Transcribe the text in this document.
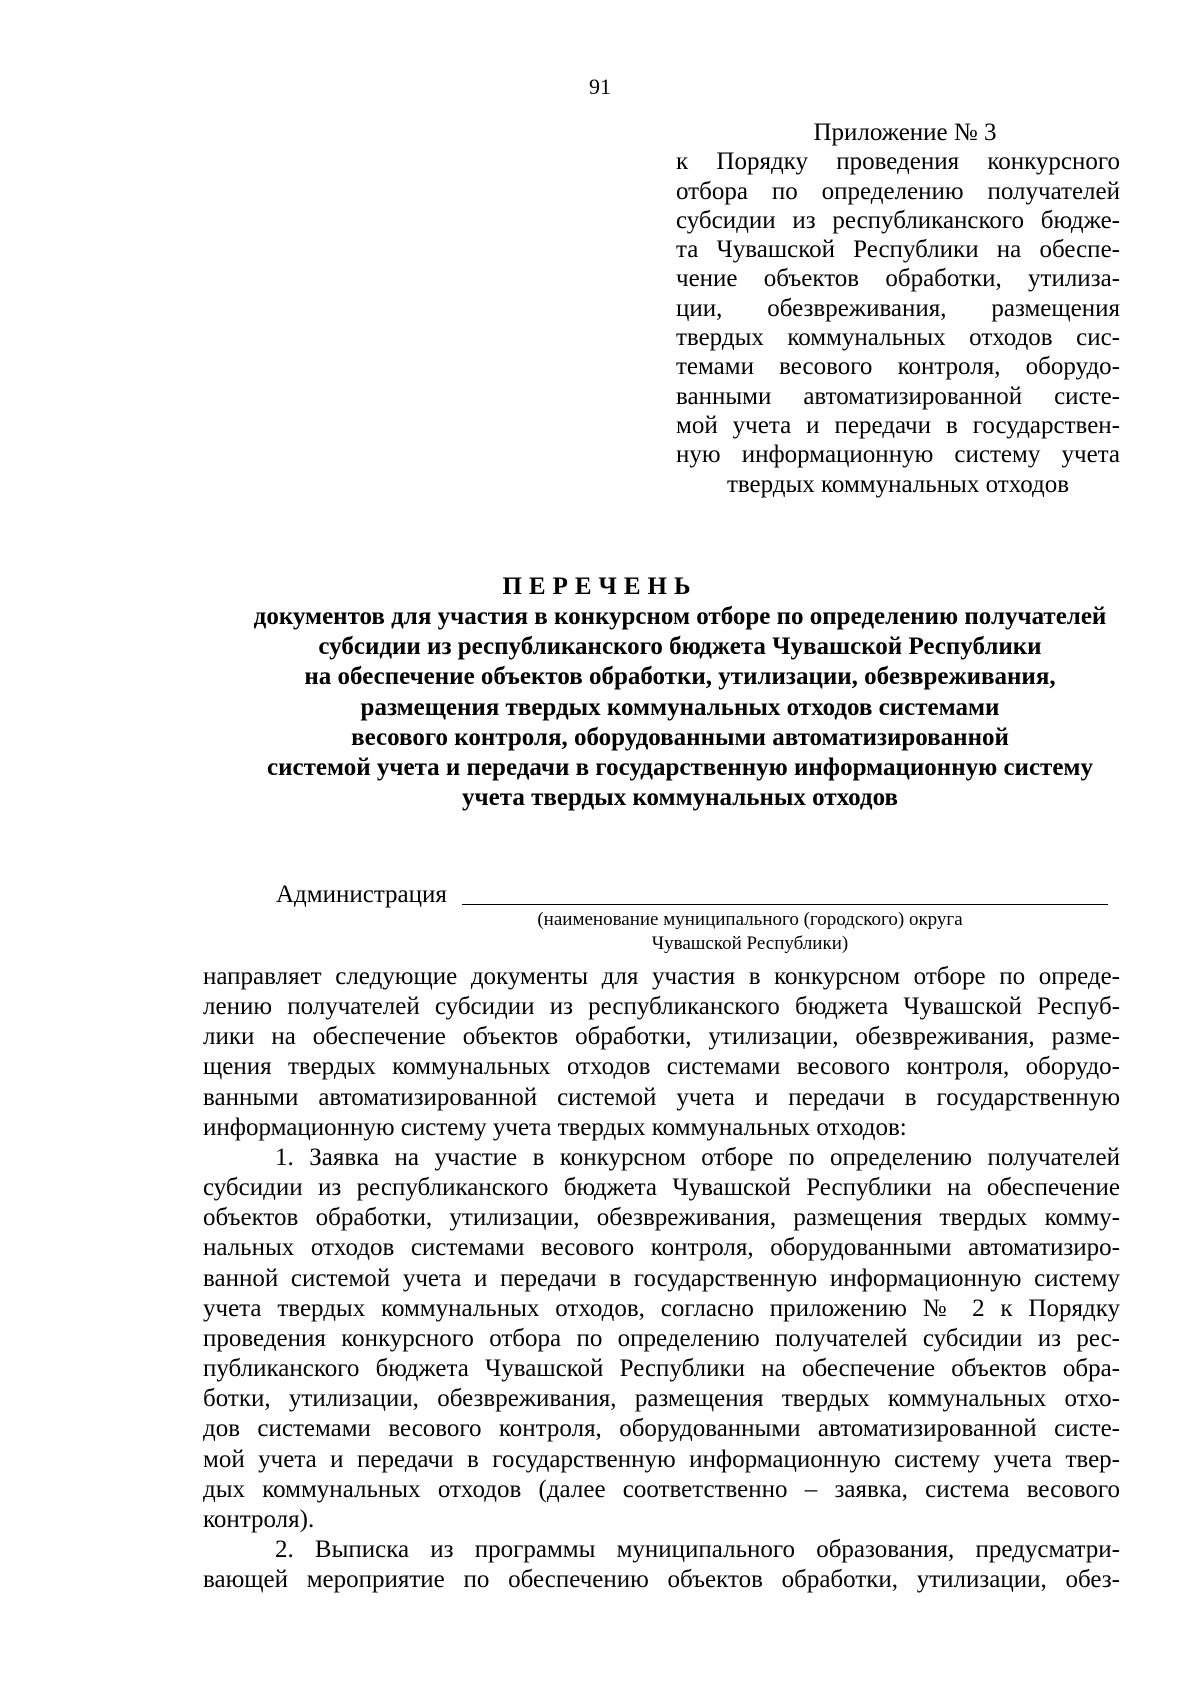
91
Приложение № 3
к Порядку проведения конкурсного
отбора по определению получателей
субсидии из республиканского бюдже-
та Чувашской Республики на обеспе-
чение объектов обработки, утилиза-
ции, обезвреживания, размещения
твердых коммунальных отходов сис-
темами весового контроля, оборудо-
ванными автоматизированной систе-
мой учета и передачи в государствен-
ную информационную систему учета
твердых коммунальных отходов
ПЕРЕЧЕНЬ
документов для участия в конкурсном отборе по определению получателей
субсидии из республиканского бюджета Чувашской Республики
на обеспечение объектов обработки, утилизации, обезвреживания,
размещения твердых коммунальных отходов системами
весового контроля, оборудованными автоматизированной
системой учета и передачи в государственную информационную систему
учета твердых коммунальных отходов
Администрация
(наименование муниципального (городского) округа
Чувашской Республики)
направляет следующие документы для участия в конкурсном отборе по опреде-
лению получателей субсидии из республиканского бюджета Чувашской Респуб-
лики на обеспечение объектов обработки, утилизации, обезвреживания, разме-
щения твердых коммунальных отходов системами весового контроля, оборудо-
ванными автоматизированной системой учета и передачи в государственную
информационную систему учета твердых коммунальных отходов:
1. Заявка на участие в конкурсном отборе по определению получателей
субсидии из республиканского бюджета Чувашской Республики на обеспечение
объектов обработки, утилизации, обезвреживания, размещения твердых комму-
нальных отходов системами весового контроля, оборудованными автоматизиро-
ванной системой учета и передачи в государственную информационную систему
учета твердых коммунальных отходов, согласно приложению № 2 к Порядку
проведения конкурсного отбора по определению получателей субсидии из рес-
публиканского бюджета Чувашской Республики на обеспечение объектов обра-
ботки, утилизации, обезвреживания, размещения твердых коммунальных отхо-
дов системами весового контроля, оборудованными автоматизированной систе-
мой учета и передачи в государственную информационную систему учета твер-
дых коммунальных отходов (далее соответственно – заявка, система весового
контроля).
2. Выписка из программы муниципального образования, предусматри-
вающей мероприятие по обеспечению объектов обработки, утилизации, обез-
